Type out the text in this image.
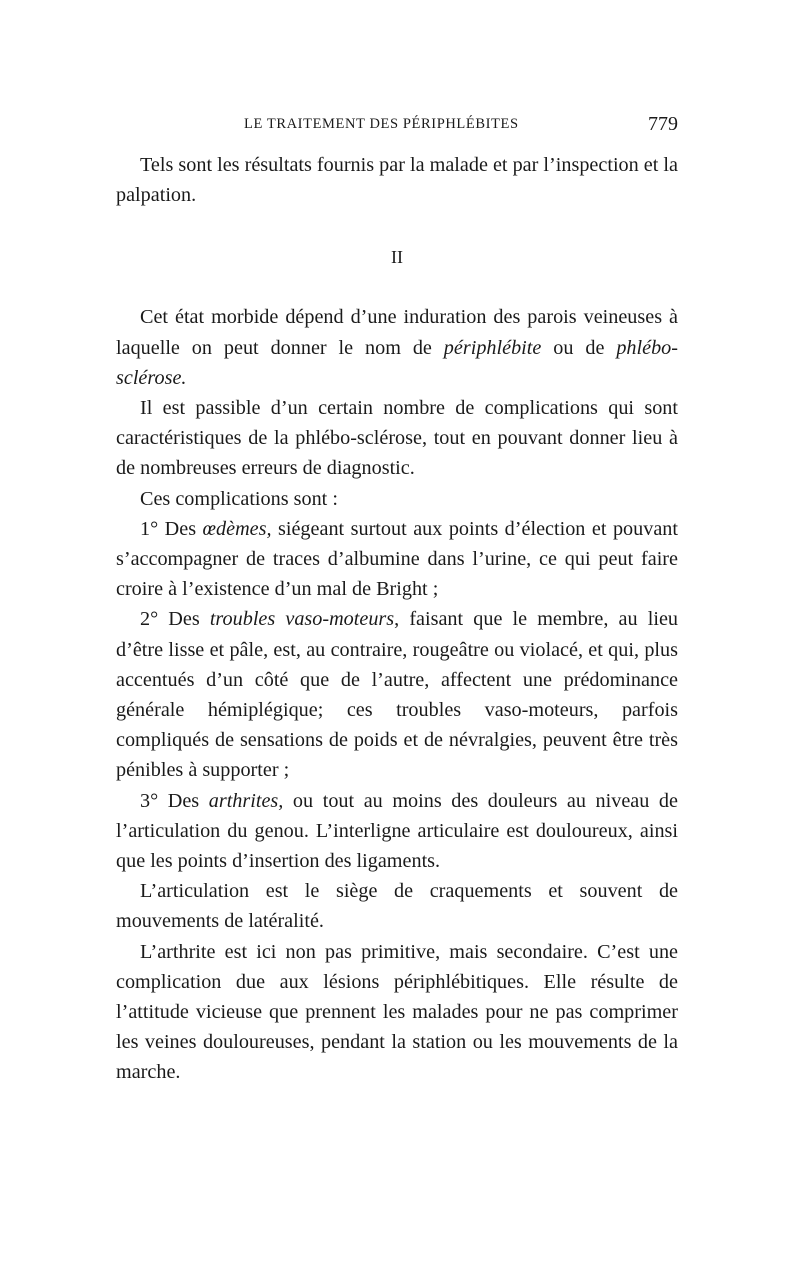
LE TRAITEMENT DES PÉRIPHLÉBITES	779

Tels sont les résultats fournis par la malade et par l’inspection et la palpation.

II

Cet état morbide dépend d’une induration des parois veineuses à laquelle on peut donner le nom de périphlébite ou de phlébo-sclérose.

Il est passible d’un certain nombre de complications qui sont caractéristiques de la phlébo-sclérose, tout en pouvant donner lieu à de nombreuses erreurs de diagnostic.

Ces complications sont :

1° Des œdèmes, siégeant surtout aux points d’élection et pouvant s’accompagner de traces d’albumine dans l’urine, ce qui peut faire croire à l’existence d’un mal de Bright ;

2° Des troubles vaso-moteurs, faisant que le membre, au lieu d’être lisse et pâle, est, au contraire, rougeâtre ou violacé, et qui, plus accentués d’un côté que de l’autre, affectent une prédominance générale hémiplégique; ces troubles vaso-moteurs, parfois compliqués de sensations de poids et de névralgies, peuvent être très pénibles à supporter ;

3° Des arthrites, ou tout au moins des douleurs au niveau de l’articulation du genou. L’interligne articulaire est douloureux, ainsi que les points d’insertion des ligaments.

L’articulation est le siège de craquements et souvent de mouvements de latéralité.

L’arthrite est ici non pas primitive, mais secondaire. C’est une complication due aux lésions périphlébitiques. Elle résulte de l’attitude vicieuse que prennent les malades pour ne pas comprimer les veines douloureuses, pendant la station ou les mouvements de la marche.
